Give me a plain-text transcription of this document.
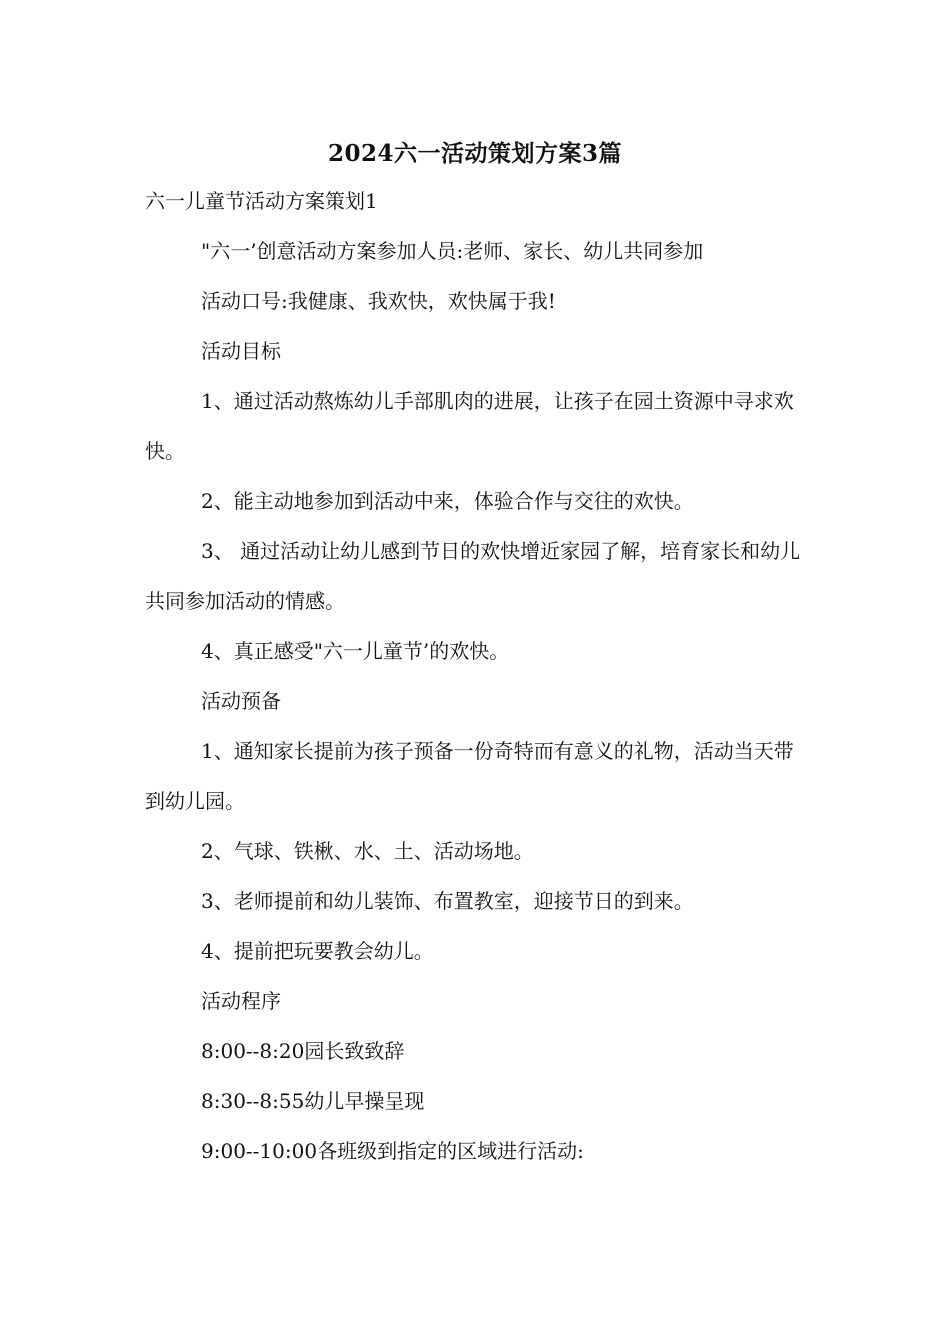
2024六一活动策划方案3篇
六一儿童节活动方案策划1
"六一’创意活动方案参加人员:老师、家长、幼儿共同参加
活动口号:我健康、我欢快，欢快属于我!
活动目标
1、通过活动熬炼幼儿手部肌肉的进展，让孩子在园土资源中寻求欢快。
2、能主动地参加到活动中来，体验合作与交往的欢快。
3、 通过活动让幼儿感到节日的欢快增近家园了解，培育家长和幼儿共同参加活动的情感。
4、真正感受"六一儿童节’的欢快。
活动预备
1、通知家长提前为孩子预备一份奇特而有意义的礼物，活动当天带到幼儿园。
2、气球、铁楸、水、土、活动场地。
3、老师提前和幼儿装饰、布置教室，迎接节日的到来。
4、提前把玩要教会幼儿。
活动程序
8:00--8:20园长致致辞
8:30--8:55幼儿早操呈现
9:00--10:00各班级到指定的区域进行活动:
